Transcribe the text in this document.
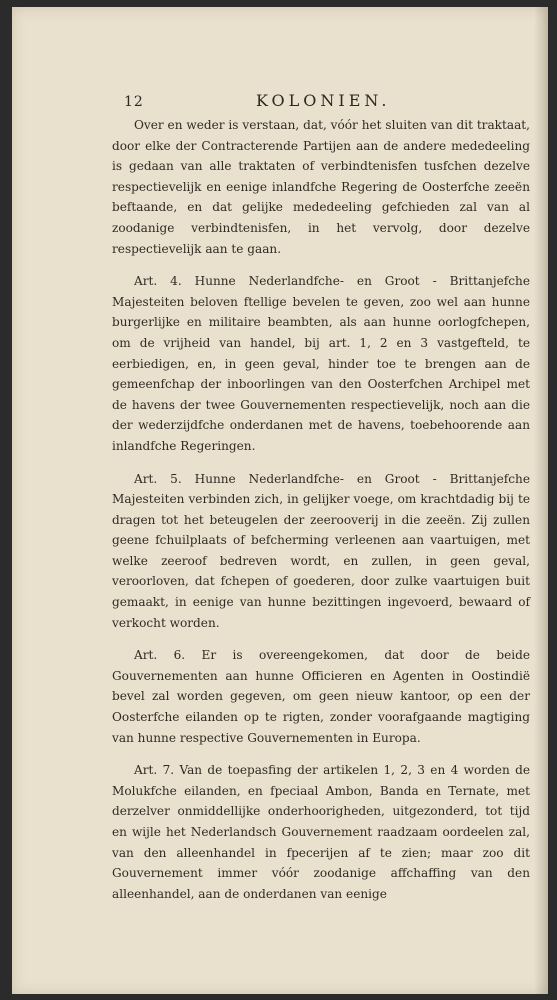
12	KOLONIEN.

Over en weder is verstaan, dat, vóór het sluiten van dit traktaat, door elke der Contracterende Partijen aan de andere mededeeling is gedaan van alle traktaten of verbindtenisfen tusfchen dezelve respectievelijk en eenige inlandfche Regering de Oosterfche zeeën beftaande, en dat gelijke mededeeling gefchieden zal van al zoodanige verbindtenisfen, in het vervolg, door dezelve respectievelijk aan te gaan.

Art. 4. Hunne Nederlandfche- en Groot - Brittanjefche Majesteiten beloven ftellige bevelen te geven, zoo wel aan hunne burgerlijke en militaire beambten, als aan hunne oorlogfchepen, om de vrijheid van handel, bij art. 1, 2 en 3 vastgefteld, te eerbiedigen, en, in geen geval, hinder toe te brengen aan de gemeenfchap der inboorlingen van den Oosterfchen Archipel met de havens der twee Gouvernementen respectievelijk, noch aan die der wederzijdfche onderdanen met de havens, toebehoorende aan inlandfche Regeringen.

Art. 5. Hunne Nederlandfche- en Groot - Brittanjefche Majesteiten verbinden zich, in gelijker voege, om krachtdadig bij te dragen tot het beteugelen der zeerooverij in die zeeën. Zij zullen geene fchuilplaats of befcherming verleenen aan vaartuigen, met welke zeeroof bedreven wordt, en zullen, in geen geval, veroorloven, dat fchepen of goederen, door zulke vaartuigen buit gemaakt, in eenige van hunne bezittingen ingevoerd, bewaard of verkocht worden.

Art. 6. Er is overeengekomen, dat door de beide Gouvernementen aan hunne Officieren en Agenten in Oostindië bevel zal worden gegeven, om geen nieuw kantoor, op een der Oosterfche eilanden op te rigten, zonder voorafgaande magtiging van hunne respective Gouvernementen in Europa.

Art. 7. Van de toepasfing der artikelen 1, 2, 3 en 4 worden de Molukfche eilanden, en fpeciaal Ambon, Banda en Ternate, met derzelver onmiddellijke onderhoorigheden, uitgezonderd, tot tijd en wijle het Nederlandsch Gouvernement raadzaam oordeelen zal, van den alleenhandel in fpecerijen af te zien; maar zoo dit Gouvernement immer vóór zoodanige affchaffing van den alleenhandel, aan de onderdanen van eenige
